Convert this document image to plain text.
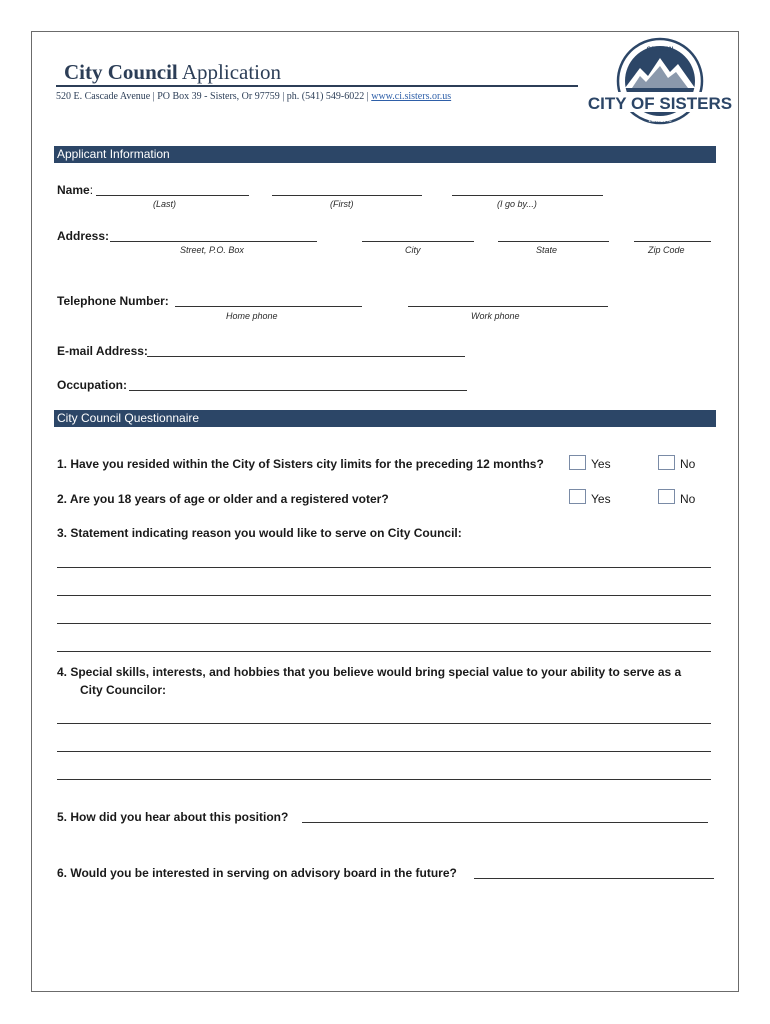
City Council Application
520 E. Cascade Avenue | PO Box 39 - Sisters, Or 97759 | ph. (541) 549-6022 | www.ci.sisters.or.us
OREGON
CITY OF SISTERS
EST. 1946
Applicant Information
Name:
(Last)	(First)	(I go by...)
Address:
Street, P.O. Box	City	State	Zip Code
Telephone Number:
Home phone	Work phone
E-mail Address:
Occupation:
City Council Questionnaire
1. Have you resided within the City of Sisters city limits for the preceding 12 months?	Yes	No
2. Are you 18 years of age or older and a registered voter?	Yes	No
3. Statement indicating reason you would like to serve on City Council:
4. Special skills, interests, and hobbies that you believe would bring special value to your ability to serve as a
City Councilor:
5. How did you hear about this position?
6. Would you be interested in serving on advisory board in the future?
